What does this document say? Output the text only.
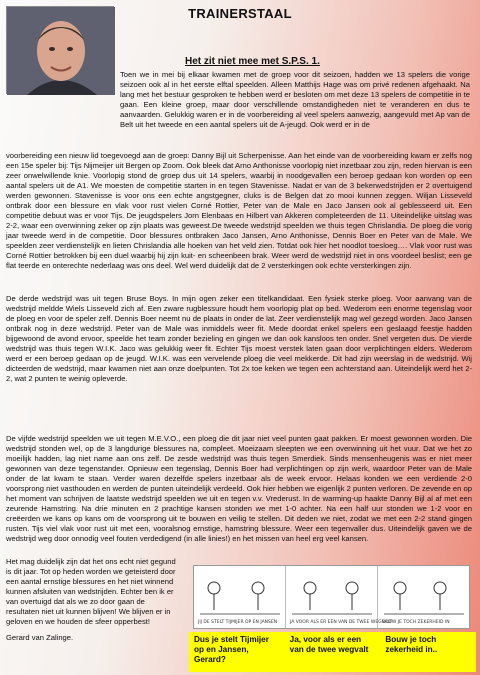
TRAINERSTAAL
Het zit niet mee met S.P.S. 1.

Toen we in mei bij elkaar kwamen met de groep voor dit seizoen, hadden we 13 spelers die vorige seizoen ook al in het eerste elftal speelden. Alleen Matthijs Hage was om privé redenen afgehaakt. Na lang met het bestuur gesproken te hebben werd er besloten om met deze 13 spelers de competitie in te gaan. Een kleine groep, maar door verschillende omstandigheden niet te veranderen en dus te aanvaarden. Gelukkig waren er in de voorbereiding al veel spelers aanwezig, aangevuld met Ap van de Belt uit het tweede en een aantal spelers uit de A-jeugd. Ook werd er in de

voorbereiding een nieuw lid toegevoegd aan de groep: Danny Bijl uit Scherpenisse. Aan het einde van de voorbereiding kwam er zelfs nog een 15e speler bij: Tijs Nijmeijer uit Bergen op Zoom. Ook bleek dat Arno Anthonisse voorlopig niet inzetbaar zou zijn, reden hiervan is een zeer onwelwillende knie. Voorlopig stond de groep dus uit 14 spelers, waarbij in noodgevallen een beroep gedaan kon worden op een aantal spelers uit de A1. We moesten de competitie starten in en tegen Stavenisse. Nadat er van de 3 bekerwedstrijden er 2 overtuigend werden gewonnen. Stavenisse is voor ons een echte angstgegner, cluks is de Belgen dat zo mooi kunnen zeggen. Wiljan Lisseveld ontbrak door een blessure en vlak voor rust vielen Corné Rottier, Peter van de Male en Jaco Jansen ook al geblesseerd uit. Een competitie debuut was er voor Tijs. De jeugdspelers Jorn Elenbaas en Hilbert van Akkeren completeerden de 11. Uiteindelijke uitslag was 2-2, waar een overwinning zeker op zijn plaats was geweest.De tweede wedstrijd speelden we thuis tegen Chrislandia. De ploeg die vorig jaar tweede werd in de competitie. Door blessures ontbraken Jaco Jansen, Arno Anthonisse, Dennis Boer en Peter van de Male. We speelden zeer verdienstelijk en lieten Chrislandia alle hoeken van het veld zien. Totdat ook hier het noodlot toesloeg…. Vlak voor rust was Corné Rottier betrokken bij een duel waarbij hij zijn kuit- en scheenbeen brak. Weer werd de wedstrijd niet in ons voordeel beslist; een ge flat teerde en onterechte nederlaag was ons deel. Wel werd duidelijk dat de 2 versterkingen ook echte versterkingen zijn.

De derde wedstrijd was uit tegen Bruse Boys. In mijn ogen zeker een titelkandidaat. Een fysiek sterke ploeg. Voor aanvang van de wedstrijd meldde Wiels Lisseveld zich af. Een zware rugblessure houdt hem voorlopig plat op bed. Wederom een enorme tegenslag voor de ploeg en voor de speler zelf. Dennis Boer neemt nu de plaats in onder de lat. Zeer verdienstelijk mag wel gezegd worden. Jaco Jansen ontbrak nog in deze wedstrijd. Peter van de Male was inmiddels weer fit. Mede doordat enkel spelers een geslaagd feestje hadden bijgewoond de avond ervoor, speelde het team zonder bezieling en gingen we dan ook kansloos ten onder. Snel vergeten dus. De vierde wedstrijd was thuis tegen W.I.K. Jaco was gelukkig weer fit. Echter Tijs moest verstek laten gaan door verplichtingen elders. Wederom werd er een beroep gedaan op de jeugd. W.I.K. was een vervelende ploeg die veel mekkerde. Dit had zijn weerslag in de wedstrijd. Wij dicteerden de wedstrijd, maar kwamen niet aan onze doelpunten. Tot 2x toe keken we tegen een achterstand aan. Uiteindelijk werd het 2-2, wat 2 punten te weinig opleverde.

De vijfde wedstrijd speelden we uit tegen M.E.V.O., een ploeg die dit jaar niet veel punten gaat pakken. Er moest gewonnen worden. Die wedstrijd stonden wel, op de 3 langdurige blessures na, compleet. Moeizaam sleepten we een overwinning uit het vuur. Dat we het zo moeilijk hadden, lag niet name aan ons zelf. De zesde wedstrijd was thuis tegen Smerdiek. Sinds mensenheugenis was er niet meer gewonnen van deze tegenstander. Opnieuw een tegenslag, Dennis Boer had verplichtingen op zijn werk, waardoor Peter van de Male onder de lat kwam te staan. Verder waren dezelfde spelers inzetbaar als de week ervoor. Helaas konden we een verdiende 2-0 voorsprong niet vasthouden en werden de punten uiteindelijk verdeeld. Ook hier hebben we eigenlijk 2 punten verloren. De zevende en op het moment van schrijven de laatste wedstrijd speelden we uit en tegen v.v. Vrederust. In de warming-up haakte Danny Bijl al af met een zeurende Hamstring. Na drie minuten en 2 prachtige kansen stonden we met 1-0 achter. Na een half uur stonden we 1-2 voor en creëerden we kans op kans om de voorsprong uit te bouwen en veilig te stellen. Dit deden we niet, zodat we met een 2-2 stand gingen rusten. Tijs viel vlak voor rust uit met een, vooralsnog ernstige, hamstring blessure. Weer een tegenvaller dus. Uiteindelijk gaven we de wedstrijd weg door onnodig veel fouten verdedigend (in alle linies!) en het missen van heel erg veel kansen.

Het mag duidelijk zijn dat het ons echt niet gegund is dit jaar. Tot op heden worden we geteisterd door een aantal ernstige blessures en het niet winnend kunnen afsluiten van wedstrijden. Echter ben ik er van overtuigd dat als we zo door gaan de resultaten niet uit kunnen blijven! We blijven er in geloven en we houden de sfeer opperbest!

Gerard van Zalinge.
JIJ DE STELT TIJMIJER OP EN JANSEN	JA VOOR ALS ER EEN VAN DE TWEE WEGVALT
BOUW JE TOCH ZEKERHEID IN
Dus je stelt Tijmijer op en Jansen, Gerard?
Ja, voor als er een van de twee wegvalt
Bouw je toch zekerheid in..
